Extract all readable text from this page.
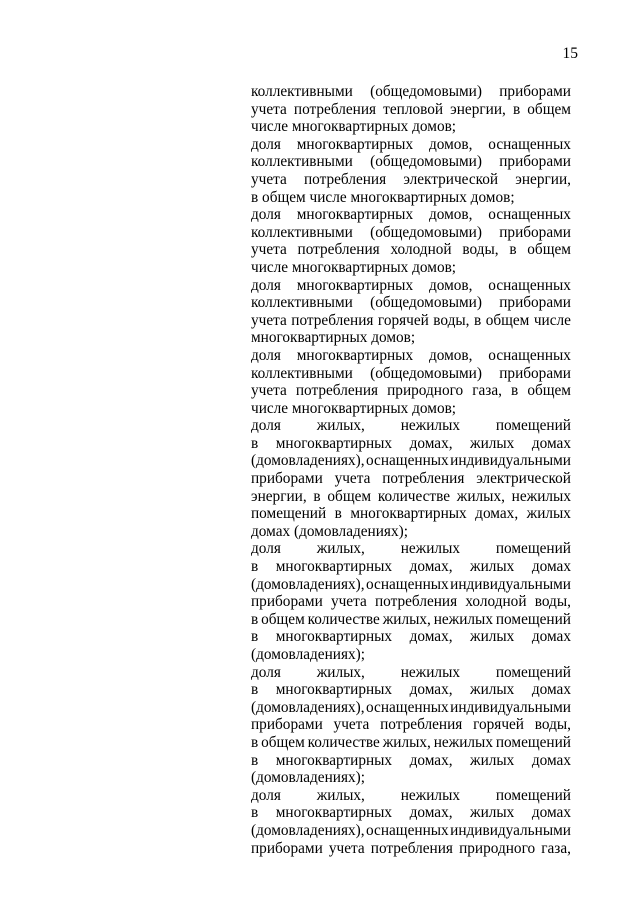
15
коллективными (общедомовыми) приборами
учета потребления тепловой энергии, в общем
числе многоквартирных домов;
доля многоквартирных домов, оснащенных
коллективными (общедомовыми) приборами
учета потребления электрической энергии,
в общем числе многоквартирных домов;
доля многоквартирных домов, оснащенных
коллективными (общедомовыми) приборами
учета потребления холодной воды, в общем
числе многоквартирных домов;
доля многоквартирных домов, оснащенных
коллективными (общедомовыми) приборами
учета потребления горячей воды, в общем числе
многоквартирных домов;
доля многоквартирных домов, оснащенных
коллективными (общедомовыми) приборами
учета потребления природного газа, в общем
числе многоквартирных домов;
доля жилых, нежилых помещений
в многоквартирных домах, жилых домах
(домовладениях), оснащенных индивидуальными
приборами учета потребления электрической
энергии, в общем количестве жилых, нежилых
помещений в многоквартирных домах, жилых
домах (домовладениях);
доля жилых, нежилых помещений
в многоквартирных домах, жилых домах
(домовладениях), оснащенных индивидуальными
приборами учета потребления холодной воды,
в общем количестве жилых, нежилых помещений
в многоквартирных домах, жилых домах
(домовладениях);
доля жилых, нежилых помещений
в многоквартирных домах, жилых домах
(домовладениях), оснащенных индивидуальными
приборами учета потребления горячей воды,
в общем количестве жилых, нежилых помещений
в многоквартирных домах, жилых домах
(домовладениях);
доля жилых, нежилых помещений
в многоквартирных домах, жилых домах
(домовладениях), оснащенных индивидуальными
приборами учета потребления природного газа,
